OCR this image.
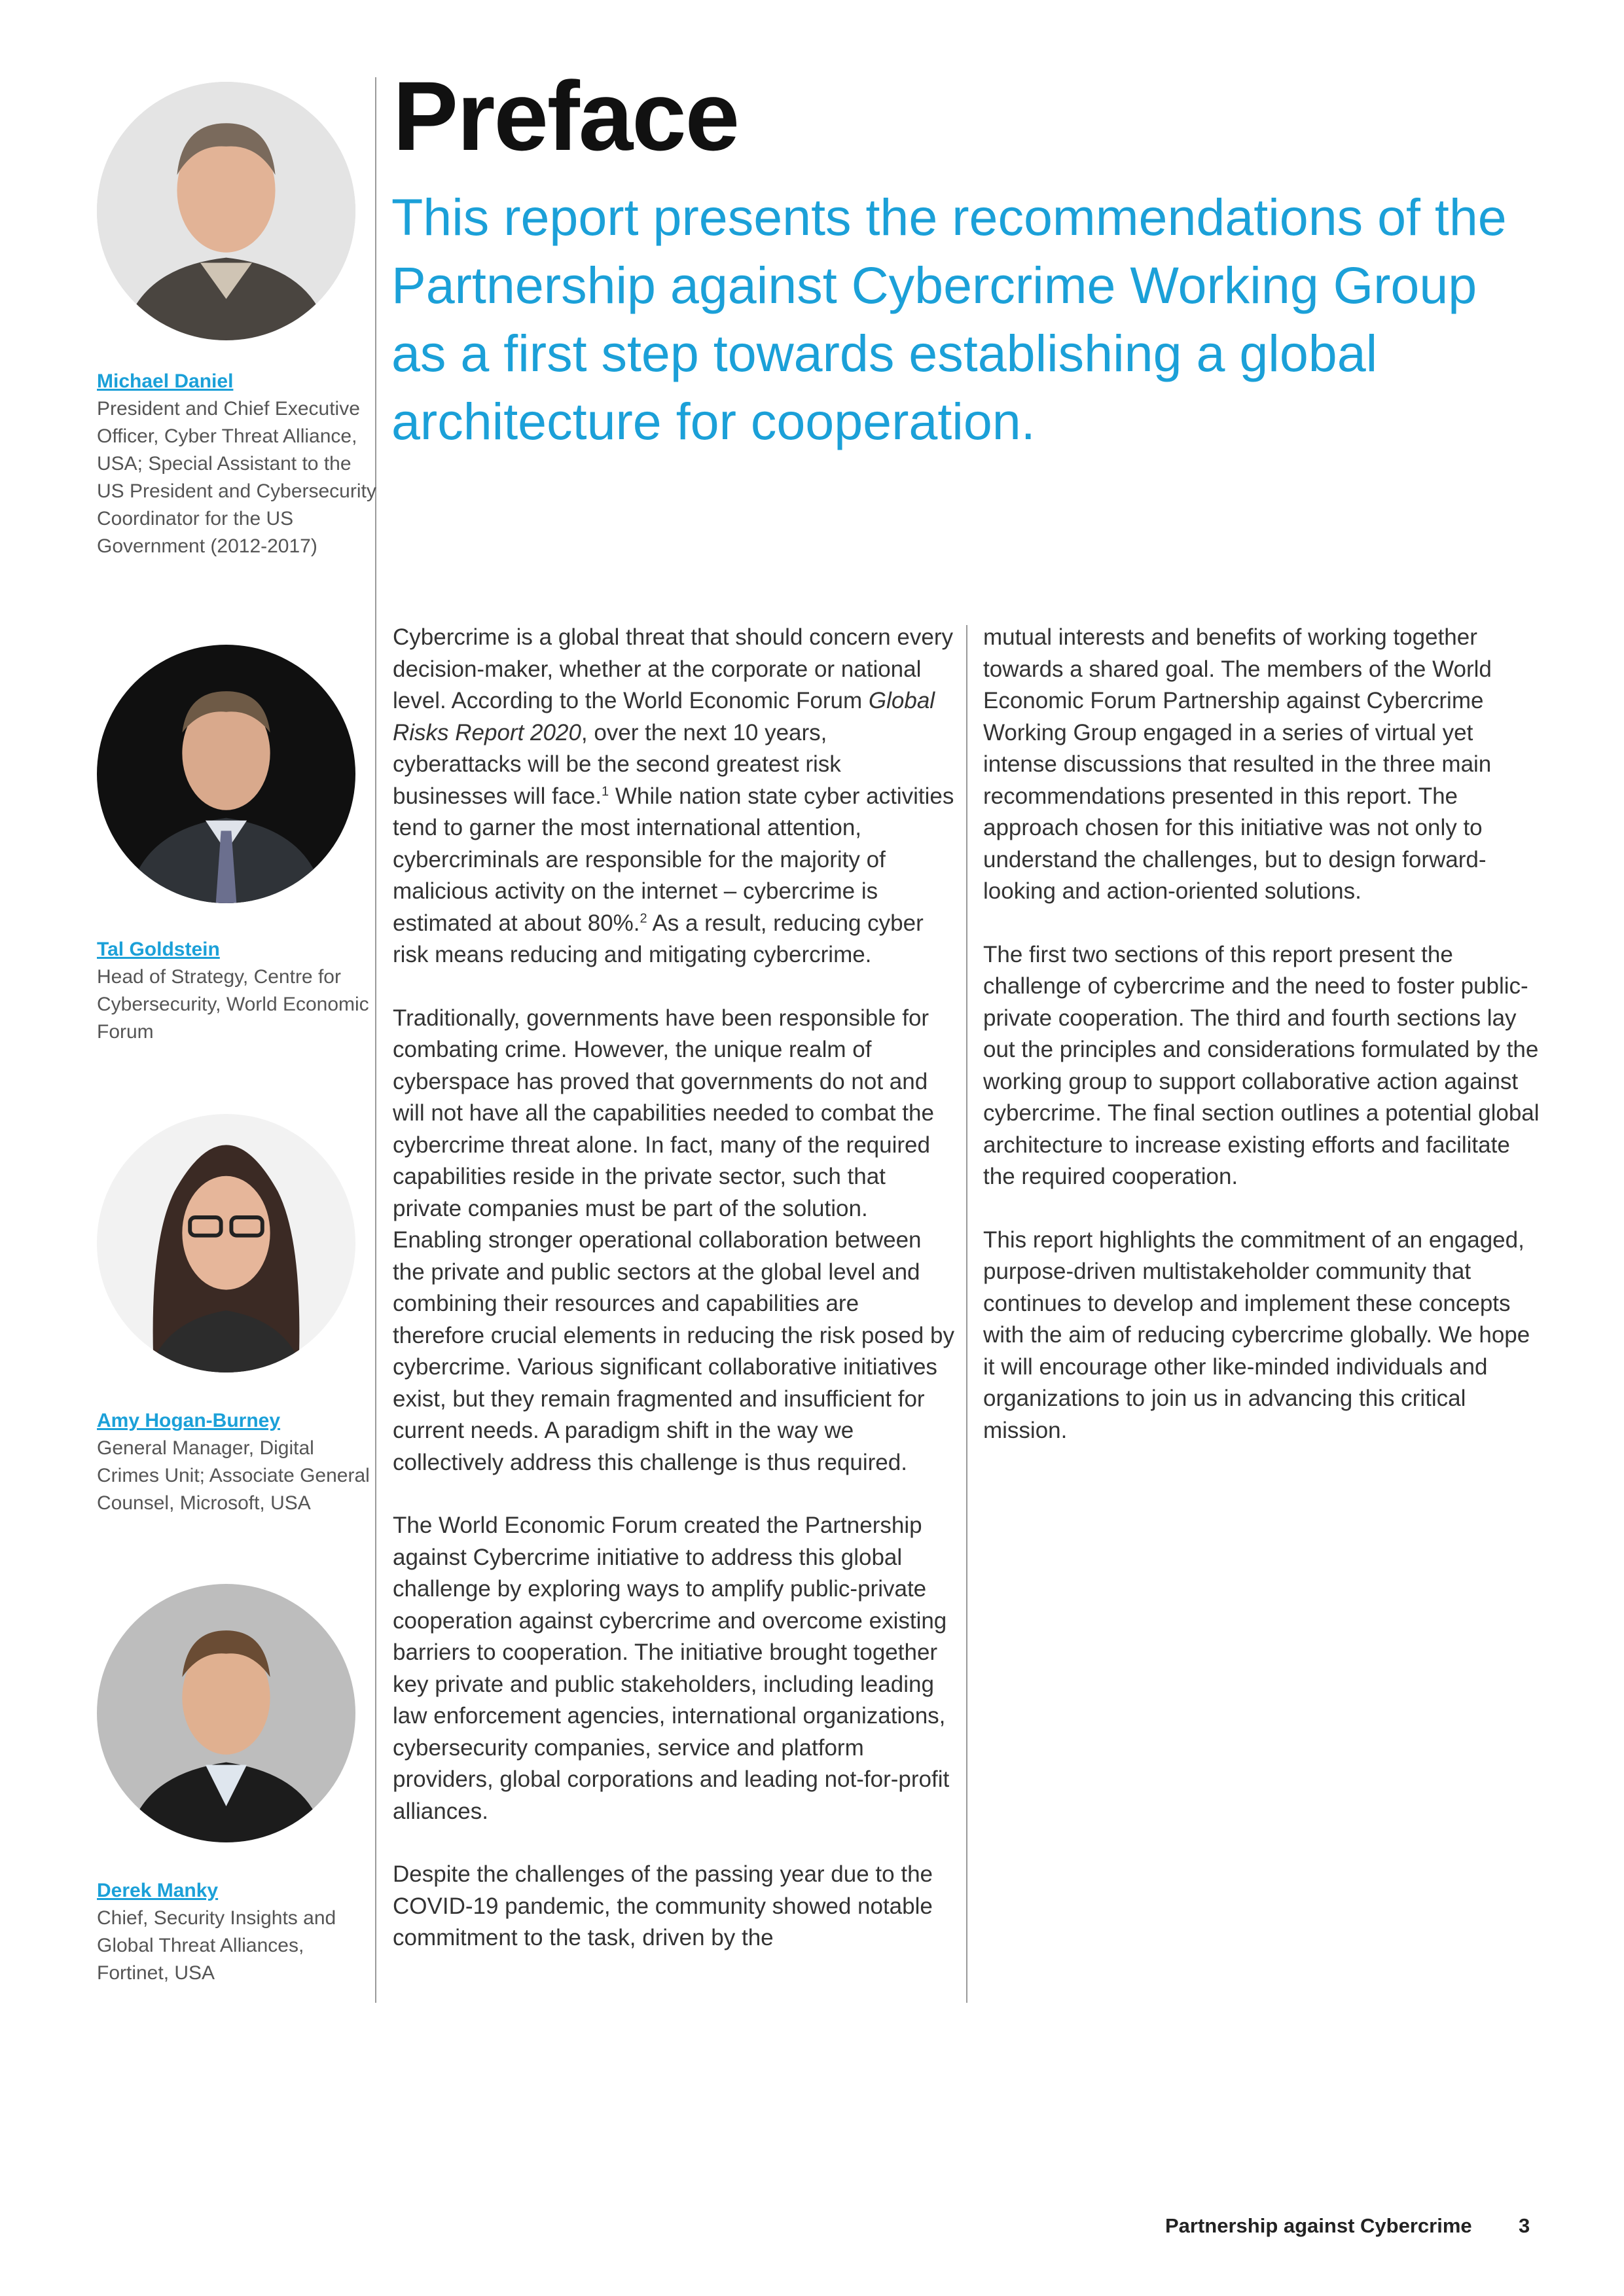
Michael Daniel
President and Chief Executive Officer, Cyber Threat Alliance, USA; Special Assistant to the US President and Cybersecurity Coordinator for the US Government (2012-2017)
Tal Goldstein
Head of Strategy, Centre for Cybersecurity, World Economic Forum
Amy Hogan-Burney
General Manager, Digital Crimes Unit; Associate General Counsel, Microsoft, USA
Derek Manky
Chief, Security Insights and Global Threat Alliances, Fortinet, USA
Preface

This report presents the recommendations of the Partnership against Cybercrime Working Group as a first step towards establishing a global architecture for cooperation.

Cybercrime is a global threat that should concern every decision-maker, whether at the corporate or national level. According to the World Economic Forum Global Risks Report 2020, over the next 10 years, cyberattacks will be the second greatest risk businesses will face.$^1$ While nation state cyber activities tend to garner the most international attention, cybercriminals are responsible for the majority of malicious activity on the internet – cybercrime is estimated at about 80%.$^2$ As a result, reducing cyber risk means reducing and mitigating cybercrime.

Traditionally, governments have been responsible for combating crime. However, the unique realm of cyberspace has proved that governments do not and will not have all the capabilities needed to combat the cybercrime threat alone. In fact, many of the required capabilities reside in the private sector, such that private companies must be part of the solution. Enabling stronger operational collaboration between the private and public sectors at the global level and combining their resources and capabilities are therefore crucial elements in reducing the risk posed by cybercrime. Various significant collaborative initiatives exist, but they remain fragmented and insufficient for current needs. A paradigm shift in the way we collectively address this challenge is thus required.

The World Economic Forum created the Partnership against Cybercrime initiative to address this global challenge by exploring ways to amplify public-private cooperation against cybercrime and overcome existing barriers to cooperation. The initiative brought together key private and public stakeholders, including leading law enforcement agencies, international organizations, cybersecurity companies, service and platform providers, global corporations and leading not-for-profit alliances.

Despite the challenges of the passing year due to the COVID-19 pandemic, the community showed notable commitment to the task, driven by the

mutual interests and benefits of working together towards a shared goal. The members of the World Economic Forum Partnership against Cybercrime Working Group engaged in a series of virtual yet intense discussions that resulted in the three main recommendations presented in this report. The approach chosen for this initiative was not only to understand the challenges, but to design forward-looking and action-oriented solutions.

The first two sections of this report present the challenge of cybercrime and the need to foster public-private cooperation. The third and fourth sections lay out the principles and considerations formulated by the working group to support collaborative action against cybercrime. The final section outlines a potential global architecture to increase existing efforts and facilitate the required cooperation.

This report highlights the commitment of an engaged, purpose-driven multistakeholder community that continues to develop and implement these concepts with the aim of reducing cybercrime globally. We hope it will encourage other like-minded individuals and organizations to join us in advancing this critical mission.

Partnership against Cybercrime 3
